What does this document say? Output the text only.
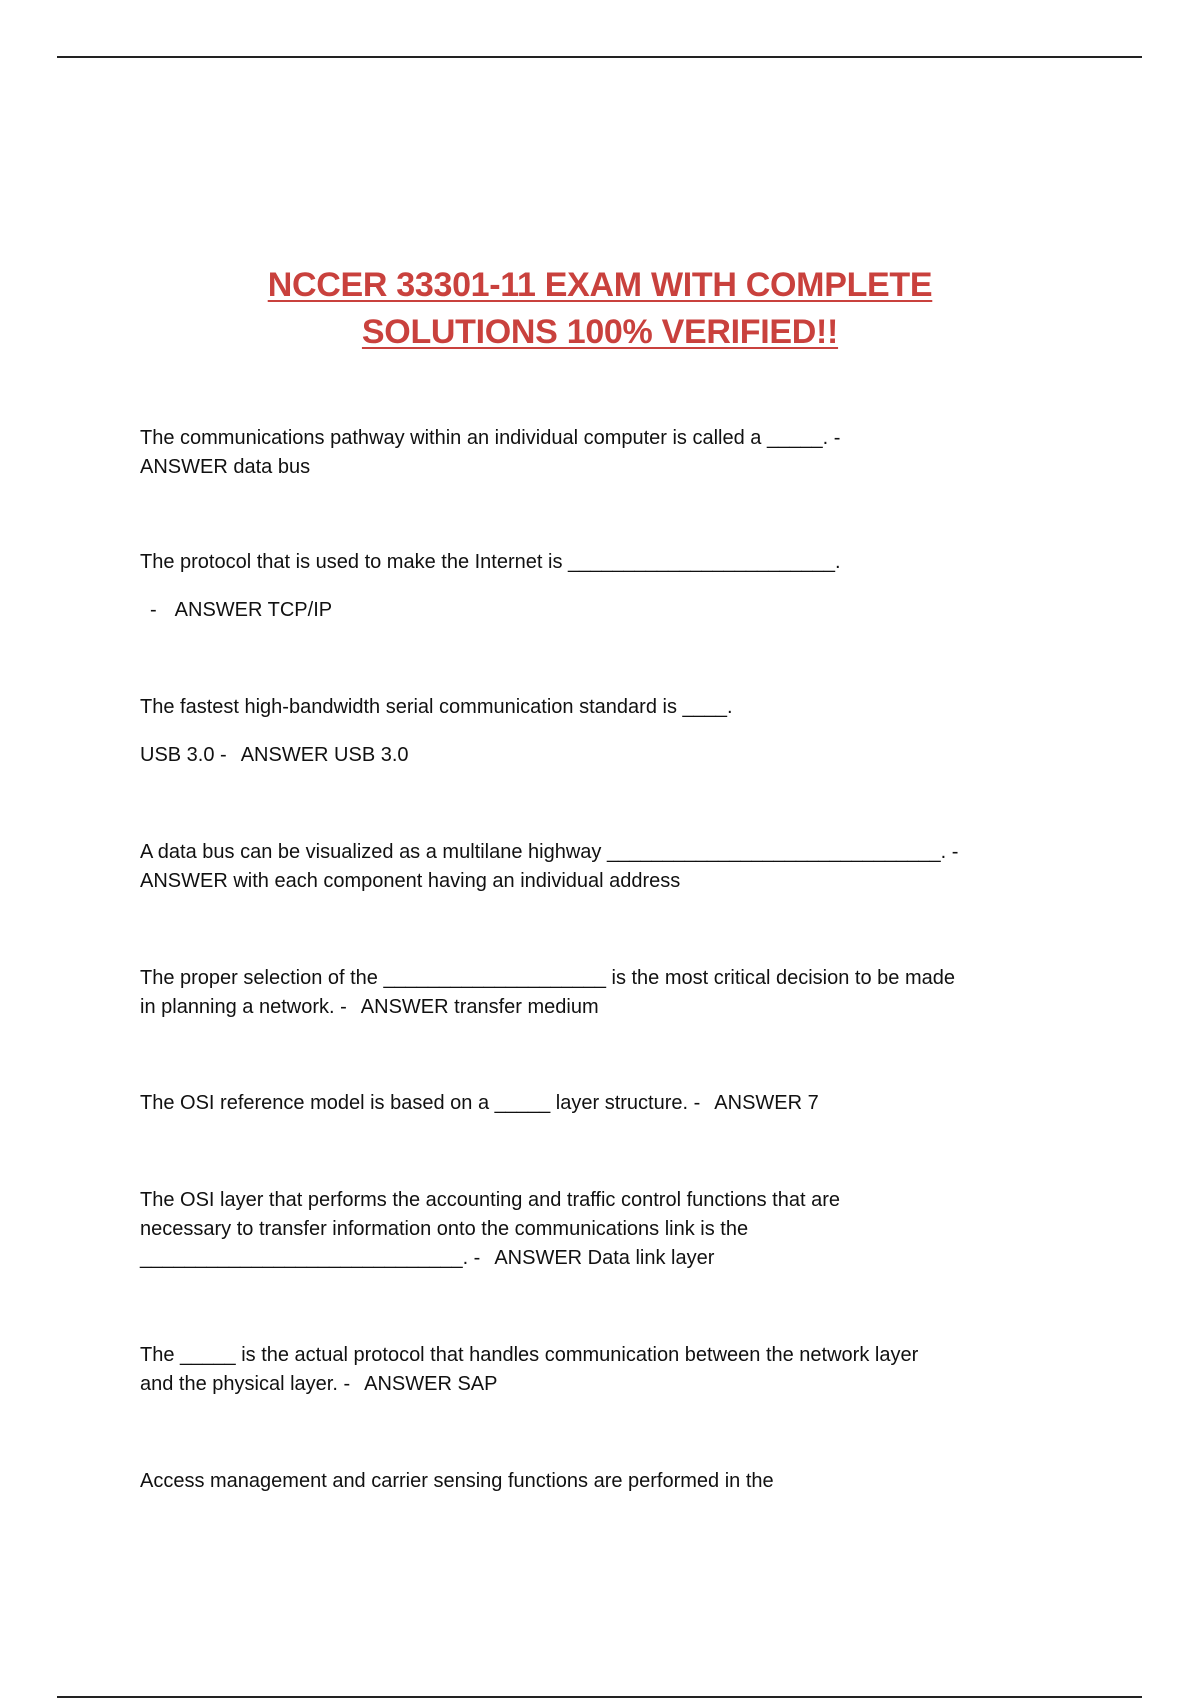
NCCER 33301-11 EXAM WITH COMPLETE
SOLUTIONS 100% VERIFIED!!

The communications pathway within an individual computer is called a _____. -

ANSWER data bus

The protocol that is used to make the Internet is ________________________.

- ANSWER TCP/IP

The fastest high-bandwidth serial communication standard is ____.

USB 3.0 - ANSWER USB 3.0

A data bus can be visualized as a multilane highway ______________________________. -

ANSWER with each component having an individual address

The proper selection of the ____________________ is the most critical decision to be made

in planning a network. - ANSWER transfer medium

The OSI reference model is based on a _____ layer structure. - ANSWER 7

The OSI layer that performs the accounting and traffic control functions that are

necessary to transfer information onto the communications link is the

_____________________________. - ANSWER Data link layer

The _____ is the actual protocol that handles communication between the network layer

and the physical layer. - ANSWER SAP

Access management and carrier sensing functions are performed in the
